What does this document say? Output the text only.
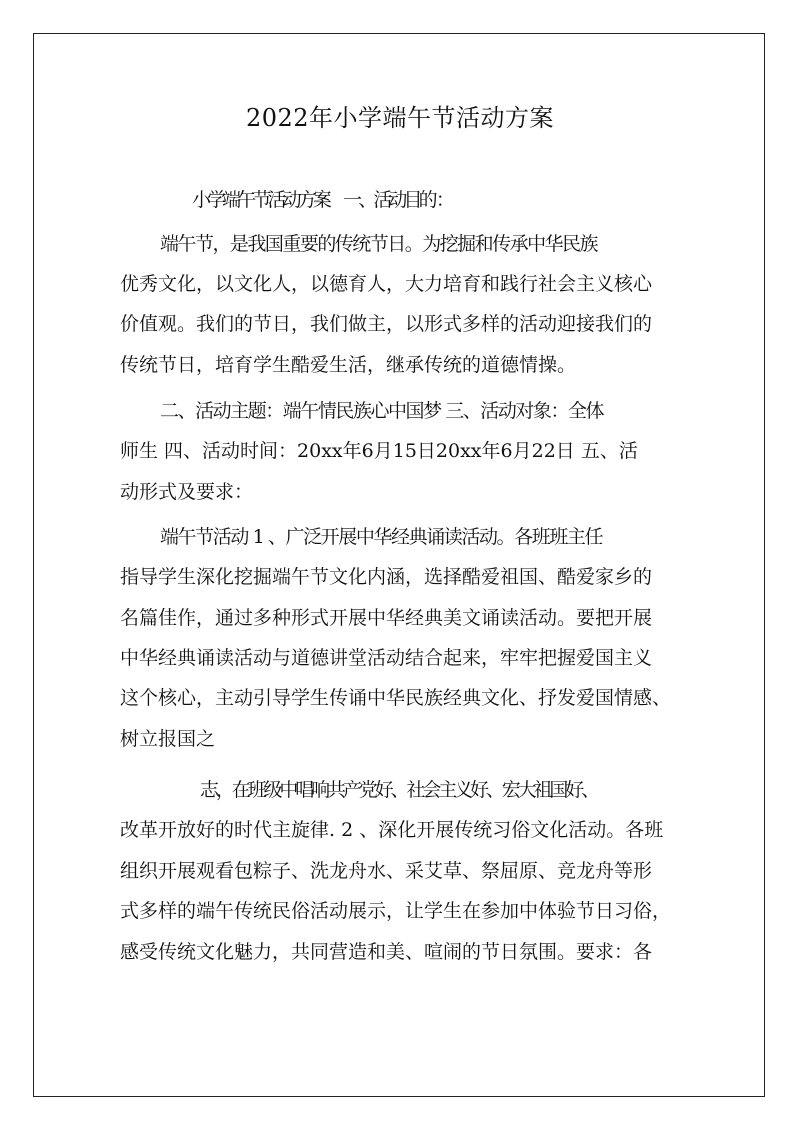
2022年小学端午节活动方案

小学端午节活动方案　一、活动目的 ：

端午节，是我国重要的传统节日。为挖掘和传承中华民族

优秀文化，以文化人，以德育人，大力培育和践行社会主义核心

价值观。我们的节日，我们做主，以形式多样的活动迎接我们的

传统节日，培育学生酷爱生活，继承传统的道德情操。

二、活动主题：端午情民族心中国梦 三、活动对象：全体

师生 四、活动时间：20xx年6月15日20xx年6月22日 五、活

动形式及要求：

端午节活动 1 、广泛开展中华经典诵读活动。各班班主任

指导学生深化挖掘端午节文化内涵，选择酷爱祖国、酷爱家乡的

名篇佳作，通过多种形式开展中华经典美文诵读活动。要把开展

中华经典诵读活动与道德讲堂活动结合起来，牢牢把握爱国主义

这个核心，主动引导学生传诵中华民族经典文化、抒发爱国情感、

树立报国之

志，在班级中唱响共产党好、社会主义好、宏大祖国好、

改革开放好的时代主旋律. 2 、深化开展传统习俗文化活动。各班

组织开展观看包粽子、洗龙舟水、采艾草、祭屈原、竞龙舟等形

式多样的端午传统民俗活动展示，让学生在参加中体验节日习俗，

感受传统文化魅力，共同营造和美、喧闹的节日氛围。要求：各
